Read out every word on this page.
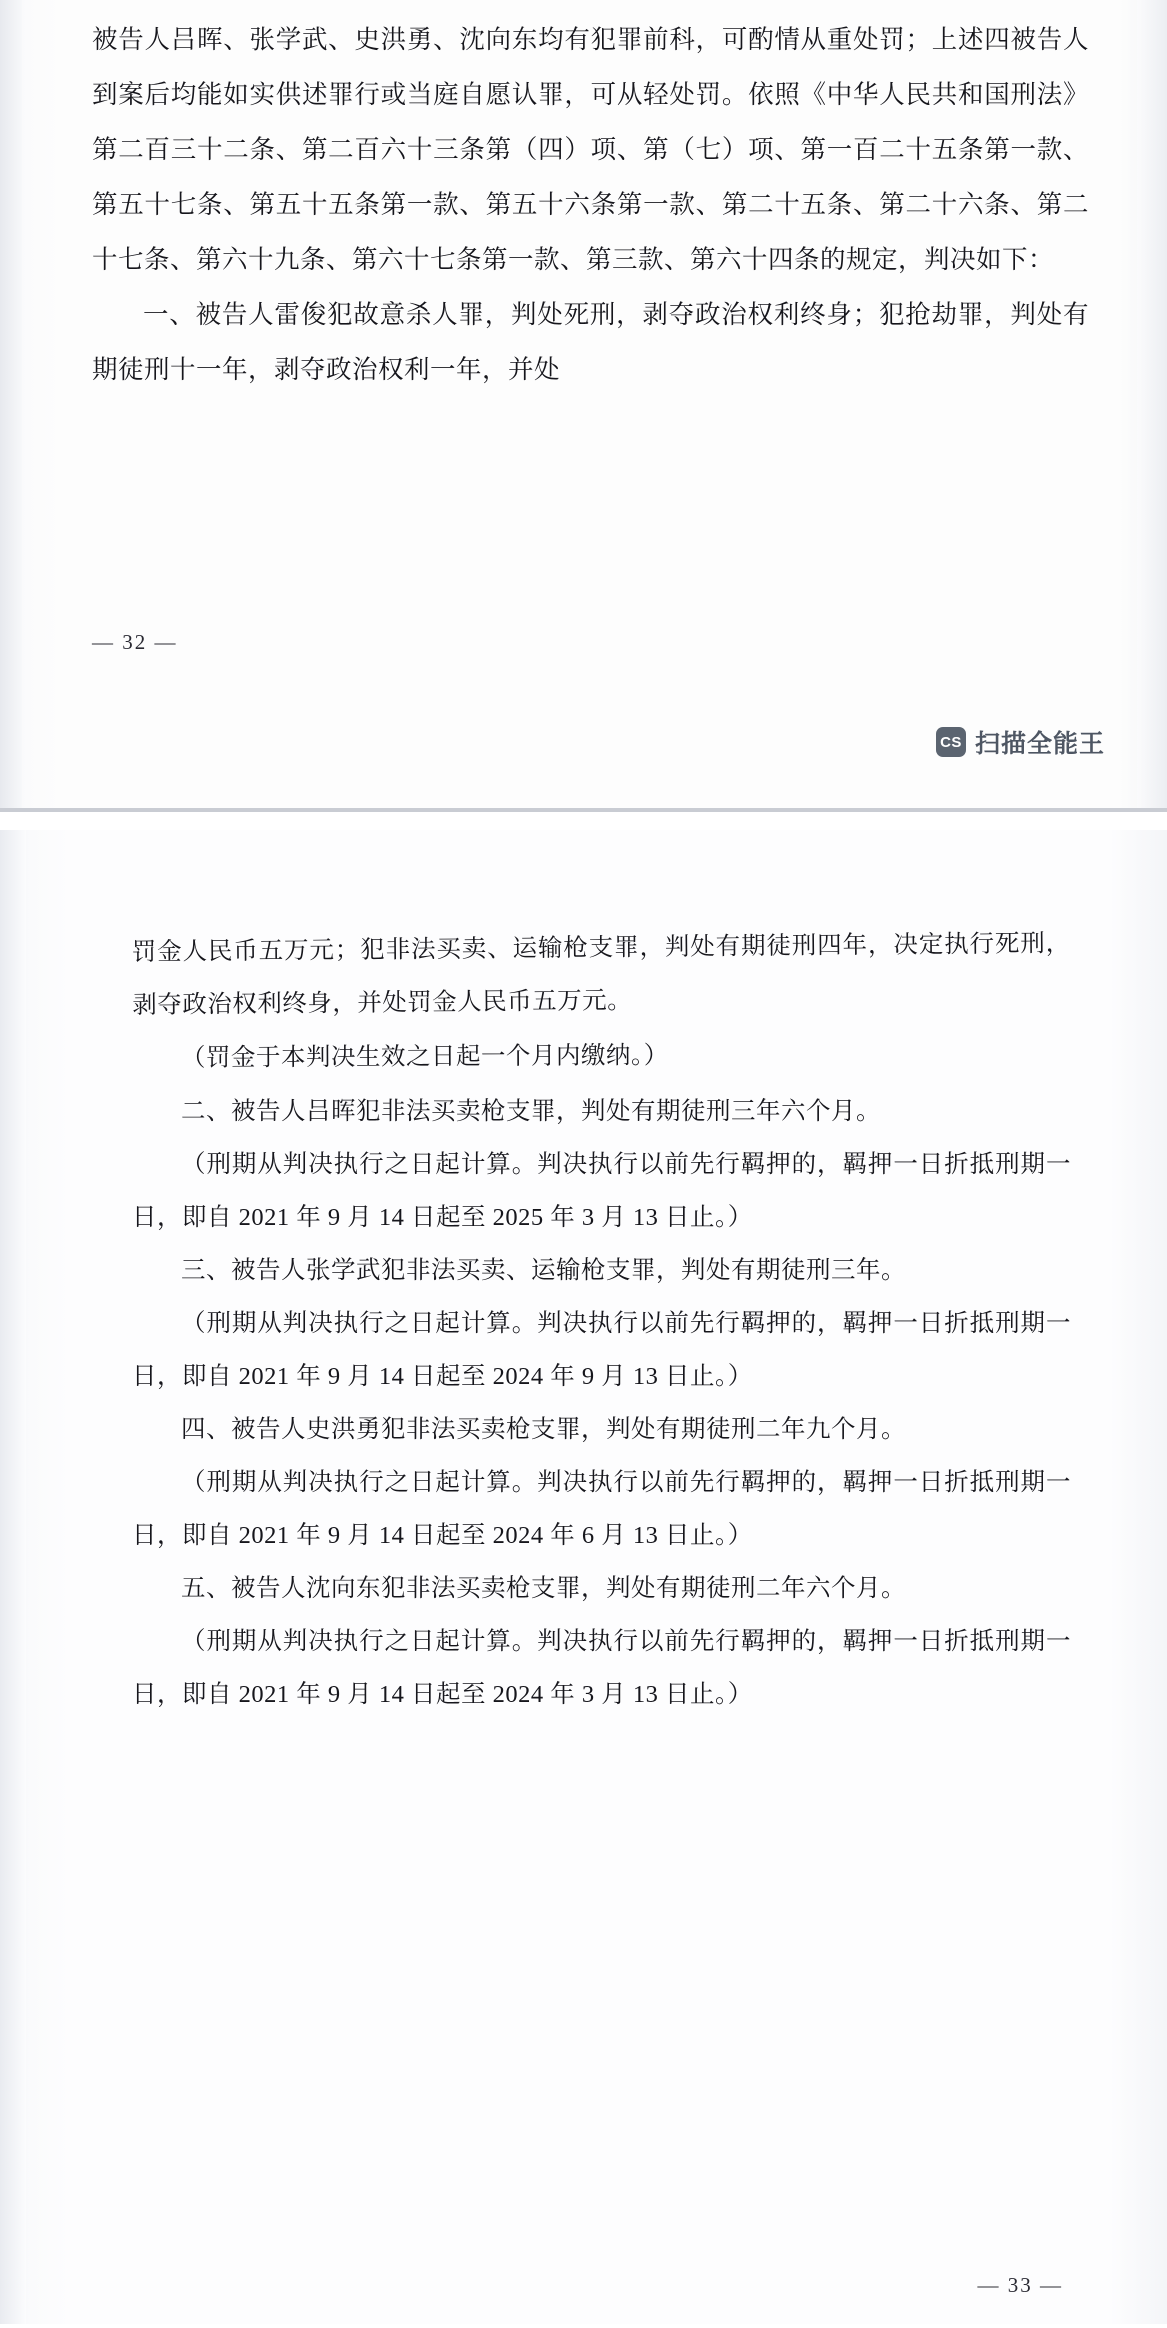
被告人吕晖、张学武、史洪勇、沈向东均有犯罪前科，可酌情从重处罚；上述四被告人到案后均能如实供述罪行或当庭自愿认罪，可从轻处罚。依照《中华人民共和国刑法》第二百三十二条、第二百六十三条第（四）项、第（七）项、第一百二十五条第一款、第五十七条、第五十五条第一款、第五十六条第一款、第二十五条、第二十六条、第二十七条、第六十九条、第六十七条第一款、第三款、第六十四条的规定，判决如下：

一、被告人雷俊犯故意杀人罪，判处死刑，剥夺政治权利终身；犯抢劫罪，判处有期徒刑十一年，剥夺政治权利一年，并处

— 32 —
CS 扫描全能王

罚金人民币五万元；犯非法买卖、运输枪支罪，判处有期徒刑四年，决定执行死刑，剥夺政治权利终身，并处罚金人民币五万元。

（罚金于本判决生效之日起一个月内缴纳。）

二、被告人吕晖犯非法买卖枪支罪，判处有期徒刑三年六个月。

（刑期从判决执行之日起计算。判决执行以前先行羁押的，羁押一日折抵刑期一日，即自 2021 年 9 月 14 日起至 2025 年 3 月 13 日止。）

三、被告人张学武犯非法买卖、运输枪支罪，判处有期徒刑三年。

（刑期从判决执行之日起计算。判决执行以前先行羁押的，羁押一日折抵刑期一日，即自 2021 年 9 月 14 日起至 2024 年 9 月 13 日止。）

四、被告人史洪勇犯非法买卖枪支罪，判处有期徒刑二年九个月。

（刑期从判决执行之日起计算。判决执行以前先行羁押的，羁押一日折抵刑期一日，即自 2021 年 9 月 14 日起至 2024 年 6 月 13 日止。）

五、被告人沈向东犯非法买卖枪支罪，判处有期徒刑二年六个月。

（刑期从判决执行之日起计算。判决执行以前先行羁押的，羁押一日折抵刑期一日，即自 2021 年 9 月 14 日起至 2024 年 3 月 13 日止。）

— 33 —
